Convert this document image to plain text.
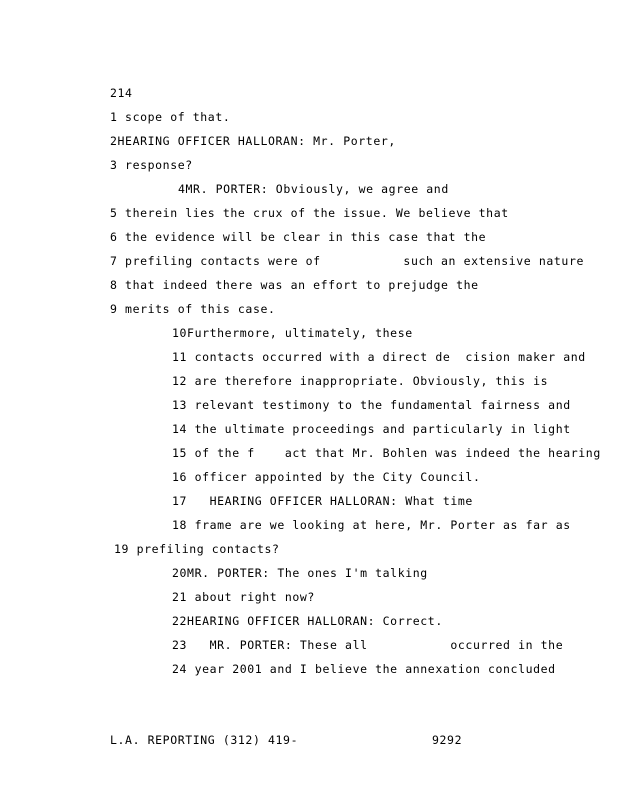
214
1 scope of that.
2HEARING OFFICER HALLORAN: Mr. Porter,
3 response?
4MR. PORTER: Obviously, we agree and
5 therein lies the crux of the issue. We believe that
6 the evidence will be clear in this case that the
7 prefiling contacts were of           such an extensive nature
8 that indeed there was an effort to prejudge the
9 merits of this case.
10Furthermore, ultimately, these
11 contacts occurred with a direct de  cision maker and
12 are therefore inappropriate. Obviously, this is
13 relevant testimony to the fundamental fairness and
14 the ultimate proceedings and particularly in light
15 of the f    act that Mr. Bohlen was indeed the hearing
16 officer appointed by the City Council.
17   HEARING OFFICER HALLORAN: What time
18 frame are we looking at here, Mr. Porter as far as
19 prefiling contacts?
20MR. PORTER: The ones I'm talking
21 about right now?
22HEARING OFFICER HALLORAN: Correct.
23   MR. PORTER: These all           occurred in the
24 year 2001 and I believe the annexation concluded
L.A. REPORTING (312) 419-	9292
